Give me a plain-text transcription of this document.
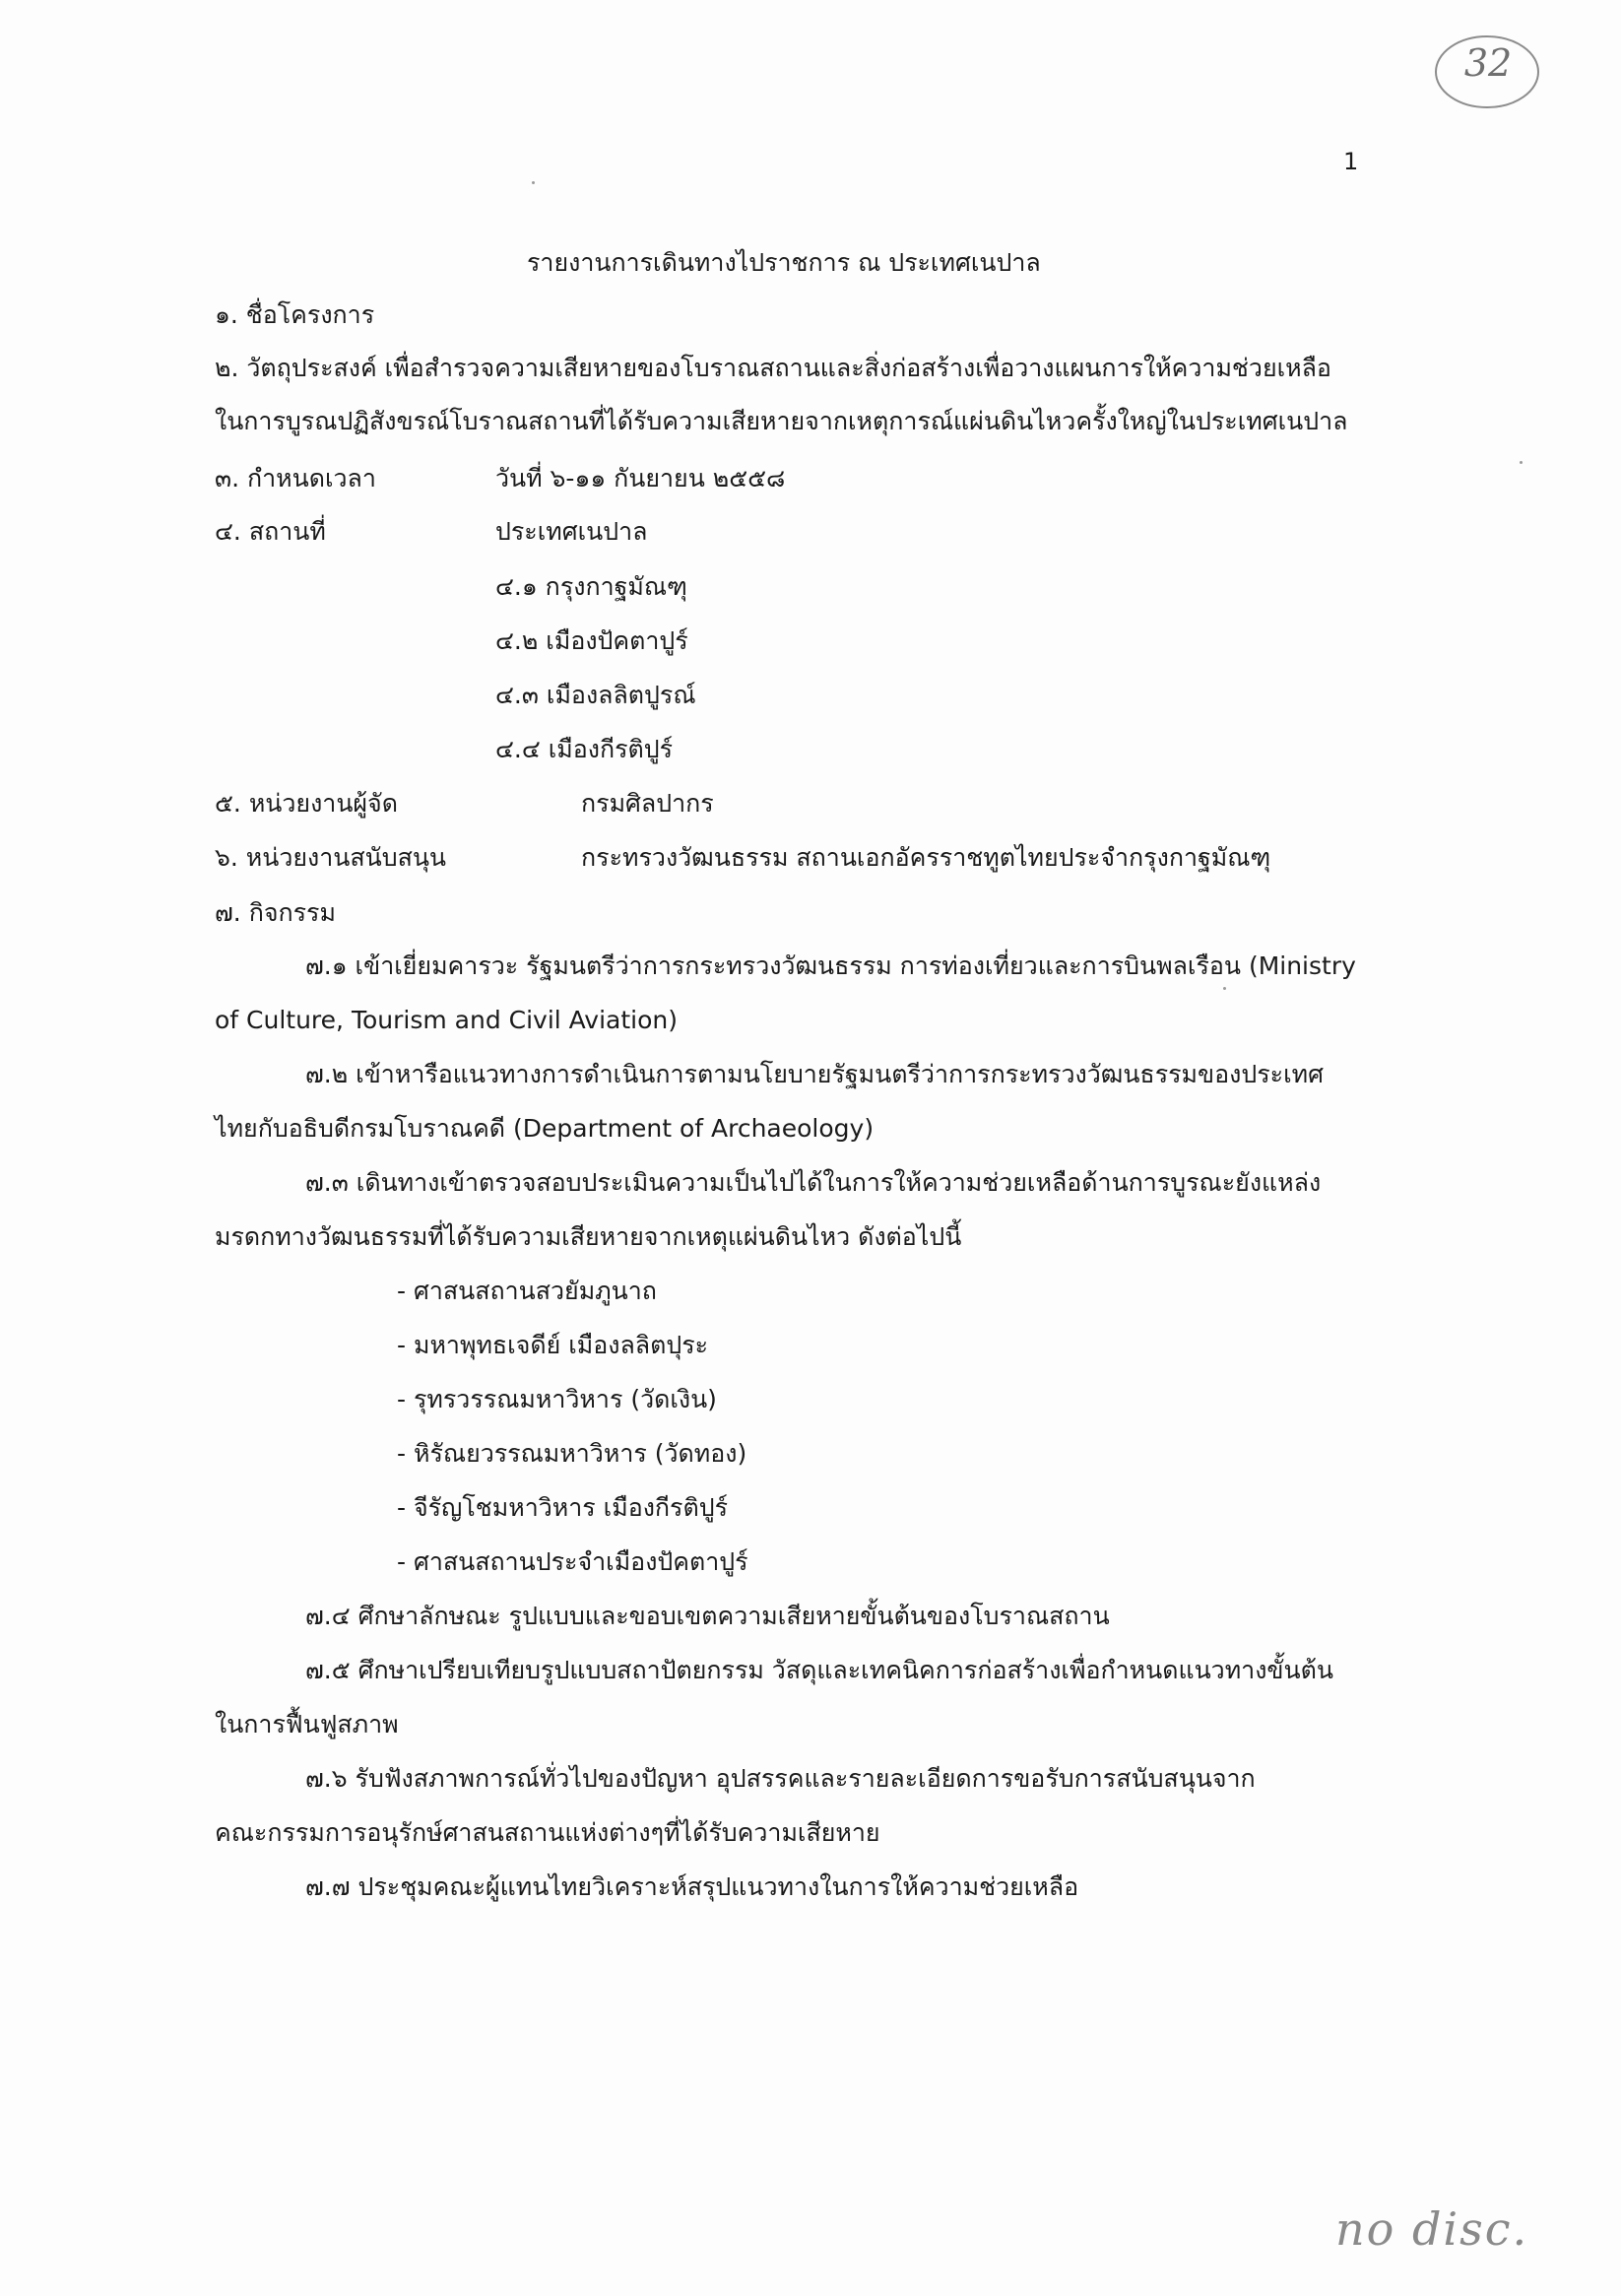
32
1
รายงานการเดินทางไปราชการ ณ ประเทศเนปาล
๑. ชื่อโครงการ
๒. วัตถุประสงค์ เพื่อสำรวจความเสียหายของโบราณสถานและสิ่งก่อสร้างเพื่อวางแผนการให้ความช่วยเหลือ
ในการบูรณปฏิสังขรณ์โบราณสถานที่ได้รับความเสียหายจากเหตุการณ์แผ่นดินไหวครั้งใหญ่ในประเทศเนปาล
๓. กำหนดเวลา	วันที่ ๖-๑๑ กันยายน ๒๕๕๘
๔. สถานที่	ประเทศเนปาล
๔.๑ กรุงกาฐมัณฑุ
๔.๒ เมืองปัคตาปูร์
๔.๓ เมืองลลิตปูรณ์
๔.๔ เมืองกีรติปูร์
๕. หน่วยงานผู้จัด	กรมศิลปากร
๖. หน่วยงานสนับสนุน	กระทรวงวัฒนธรรม สถานเอกอัครราชทูตไทยประจำกรุงกาฐมัณฑุ
๗. กิจกรรม
๗.๑ เข้าเยี่ยมคารวะ รัฐมนตรีว่าการกระทรวงวัฒนธรรม การท่องเที่ยวและการบินพลเรือน (Ministry
of Culture, Tourism and Civil Aviation)
๗.๒ เข้าหารือแนวทางการดำเนินการตามนโยบายรัฐมนตรีว่าการกระทรวงวัฒนธรรมของประเทศ
ไทยกับอธิบดีกรมโบราณคดี (Department of Archaeology)
๗.๓ เดินทางเข้าตรวจสอบประเมินความเป็นไปได้ในการให้ความช่วยเหลือด้านการบูรณะยังแหล่ง
มรดกทางวัฒนธรรมที่ได้รับความเสียหายจากเหตุแผ่นดินไหว ดังต่อไปนี้
- ศาสนสถานสวยัมภูนาถ
- มหาพุทธเจดีย์ เมืองลลิตปุระ
- รุทรวรรณมหาวิหาร (วัดเงิน)
- หิรัณยวรรณมหาวิหาร (วัดทอง)
- จีรัญโชมหาวิหาร เมืองกีรติปูร์
- ศาสนสถานประจำเมืองปัคตาปูร์
๗.๔ ศึกษาลักษณะ รูปแบบและขอบเขตความเสียหายขั้นต้นของโบราณสถาน
๗.๕ ศึกษาเปรียบเทียบรูปแบบสถาปัตยกรรม วัสดุและเทคนิคการก่อสร้างเพื่อกำหนดแนวทางขั้นต้น
ในการฟื้นฟูสภาพ
๗.๖ รับฟังสภาพการณ์ทั่วไปของปัญหา อุปสรรคและรายละเอียดการขอรับการสนับสนุนจาก
คณะกรรมการอนุรักษ์ศาสนสถานแห่งต่างๆที่ได้รับความเสียหาย
๗.๗ ประชุมคณะผู้แทนไทยวิเคราะห์สรุปแนวทางในการให้ความช่วยเหลือ
no disc.
